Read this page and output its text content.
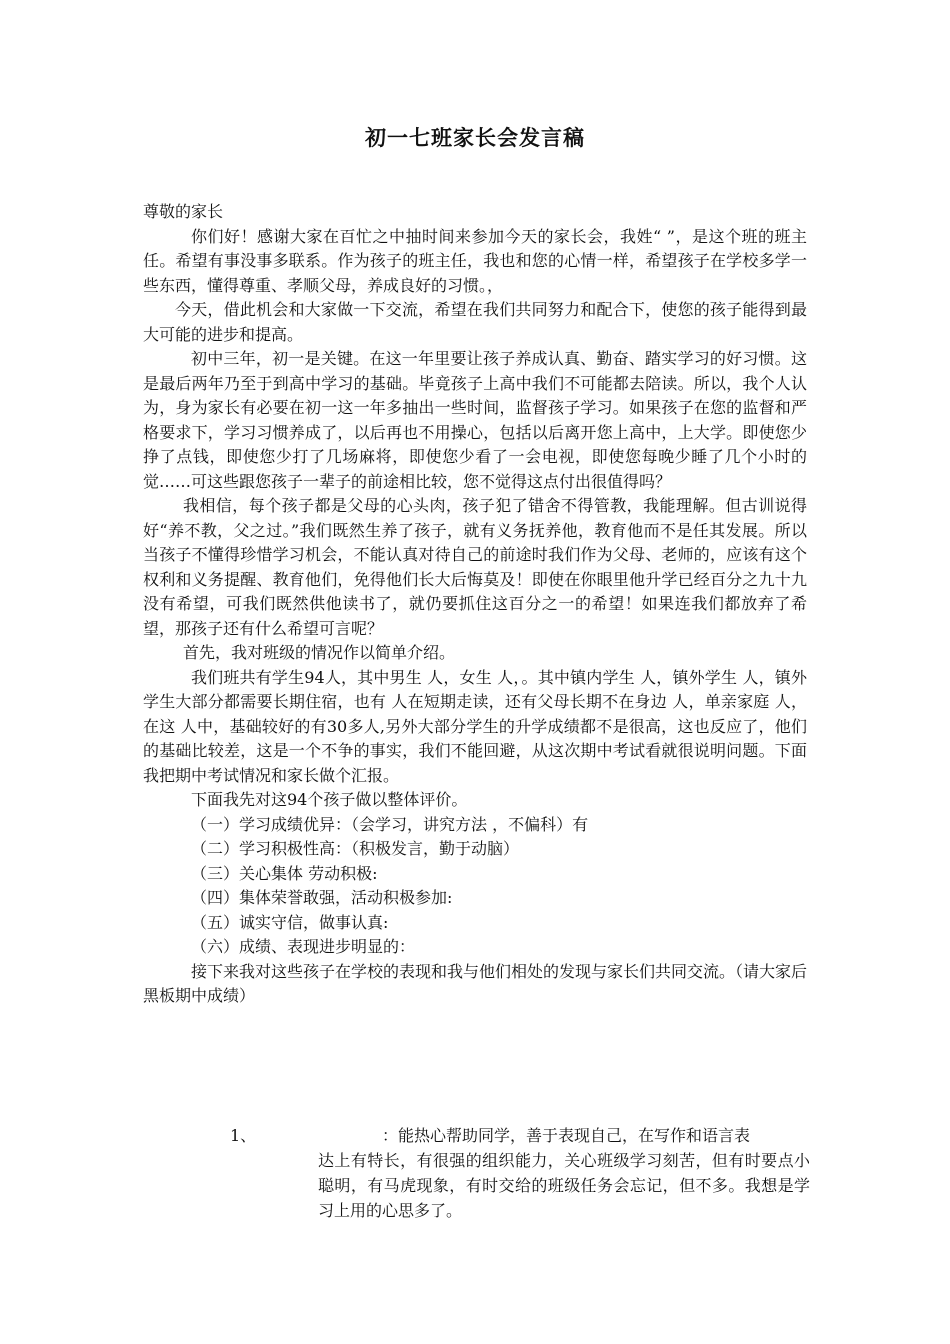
初一七班家长会发言稿

尊敬的家长

你们好！感谢大家在百忙之中抽时间来参加今天的家长会，我姓“ ”，是这个班的班主任。希望有事没事多联系。作为孩子的班主任，我也和您的心情一样，希望孩子在学校多学一些东西，懂得尊重、孝顺父母，养成良好的习惯。，

今天，借此机会和大家做一下交流，希望在我们共同努力和配合下，使您的孩子能得到最大可能的进步和提高。

初中三年，初一是关键。在这一年里要让孩子养成认真、勤奋、踏实学习的好习惯。这是最后两年乃至于到高中学习的基础。毕竟孩子上高中我们不可能都去陪读。所以，我个人认为，身为家长有必要在初一这一年多抽出一些时间，监督孩子学习。如果孩子在您的监督和严格要求下，学习习惯养成了，以后再也不用操心，包括以后离开您上高中，上大学。即使您少挣了点钱，即使您少打了几场麻将，即使您少看了一会电视，即使您每晚少睡了几个小时的觉……可这些跟您孩子一辈子的前途相比较，您不觉得这点付出很值得吗？

我相信，每个孩子都是父母的心头肉，孩子犯了错舍不得管教，我能理解。但古训说得好“养不教，父之过。”我们既然生养了孩子，就有义务抚养他，教育他而不是任其发展。所以当孩子不懂得珍惜学习机会，不能认真对待自己的前途时我们作为父母、老师的，应该有这个权利和义务提醒、教育他们，免得他们长大后悔莫及！即使在你眼里他升学已经百分之九十九没有希望，可我们既然供他读书了，就仍要抓住这百分之一的希望！如果连我们都放弃了希望，那孩子还有什么希望可言呢？

首先，我对班级的情况作以简单介绍。

我们班共有学生94人，其中男生 人，女生 人，。其中镇内学生 人，镇外学生 人，镇外学生大部分都需要长期住宿，也有 人在短期走读，还有父母长期不在身边 人，单亲家庭 人，在这 人中，基础较好的有30多人,另外大部分学生的升学成绩都不是很高，这也反应了，他们的基础比较差，这是一个不争的事实，我们不能回避，从这次期中考试看就很说明问题。下面我把期中考试情况和家长做个汇报。

下面我先对这94个孩子做以整体评价。

（一）学习成绩优异：（会学习，讲究方法 ，不偏科）有

（二）学习积极性高：（积极发言，勤于动脑）

（三）关心集体 劳动积极:

（四）集体荣誉敢强，活动积极参加:

（五）诚实守信，做事认真:

（六）成绩、表现进步明显的：

接下来我对这些孩子在学校的表现和我与他们相处的发现与家长们共同交流。（请大家后黑板期中成绩）

1、	：能热心帮助同学，善于表现自己，在写作和语言表

达上有特长，有很强的组织能力，关心班级学习刻苦，但有时要点小聪明，有马虎现象，有时交给的班级任务会忘记，但不多。我想是学习上用的心思多了。
